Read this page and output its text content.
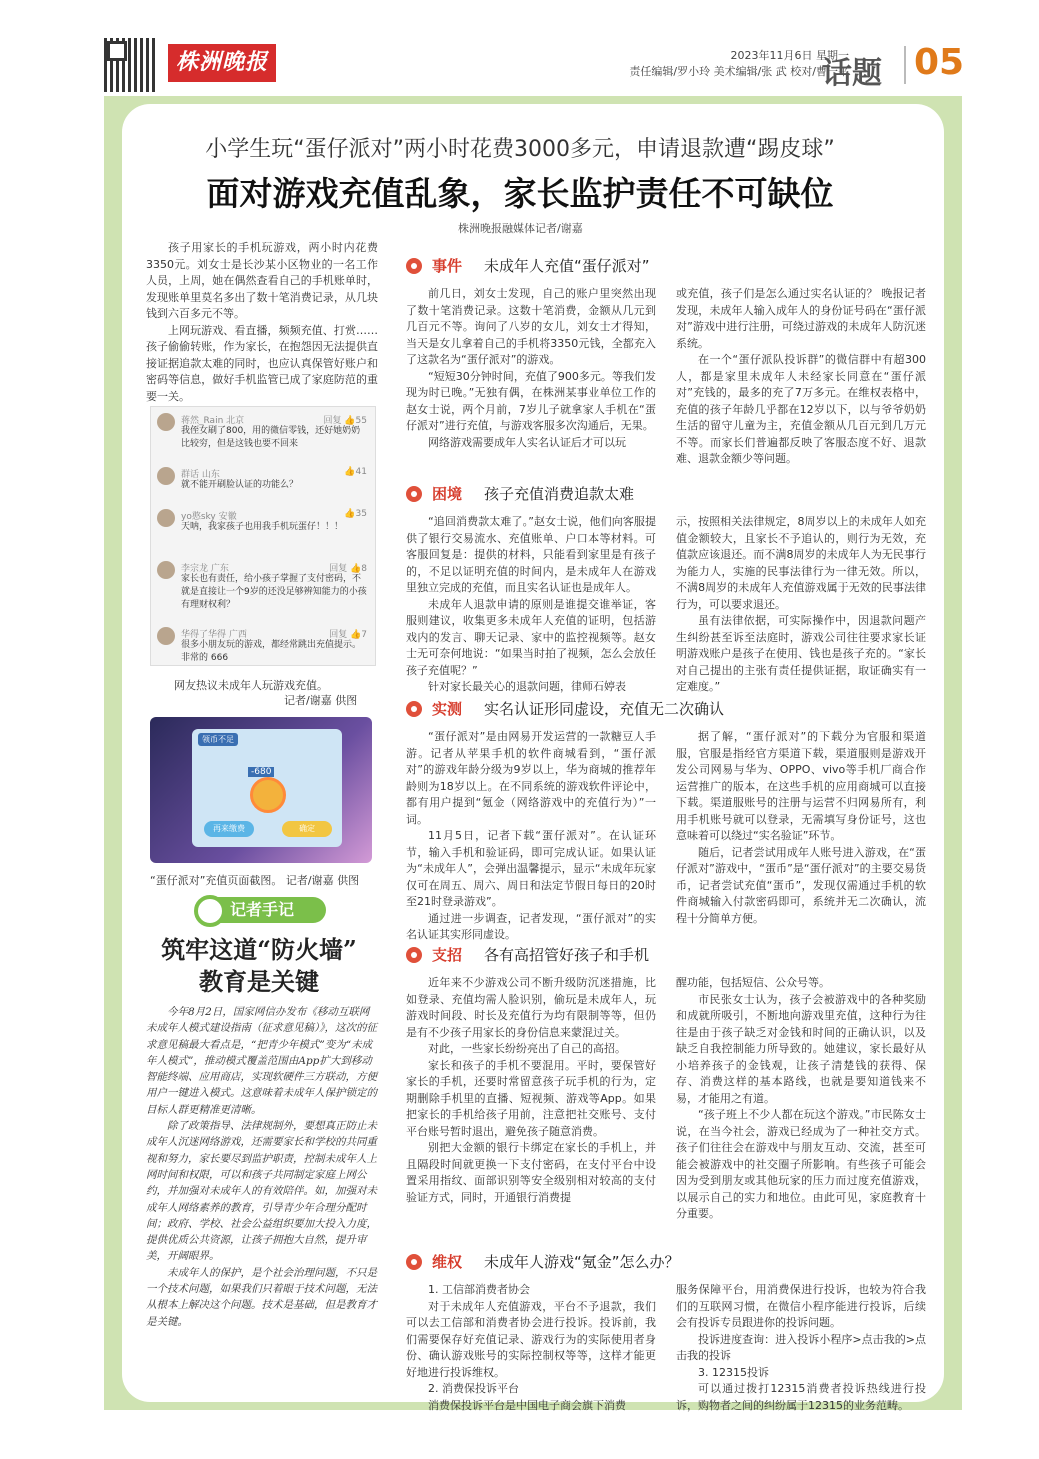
株洲晚报	2023年11月6日 星期一
责任编辑/罗小玲 美术编辑/张 武 校对/曹一平
话题 05
小学生玩“蛋仔派对”两小时花费3000多元，申请退款遭“踢皮球”
面对游戏充值乱象，家长监护责任不可缺位
株洲晚报融媒体记者/谢嘉

孩子用家长的手机玩游戏，两小时内花费3350元。刘女士是长沙某小区物业的一名工作人员，上周，她在偶然查看自己的手机账单时，发现账单里莫名多出了数十笔消费记录，从几块钱到六百多元不等。

上网玩游戏、看直播，频频充值、打赏……孩子偷偷转账，作为家长，在抱怨因无法提供直接证据追款太难的同时，也应认真保管好账户和密码等信息，做好手机监管已成了家庭防范的重要一关。

蒋然_Rain 北京	回复 👍55
我侄女刷了800，用的微信零钱，还好她奶奶比较穷，但是这钱也要不回来
群话 山东	👍41
就不能开刷脸认证的功能么？
yo憨sky 安徽	👍35
天呐，我家孩子也用我手机玩蛋仔！！！
李宗龙 广东	回复 👍8
家长也有责任，给小孩子掌握了支付密码，不就是直接让一个9岁的还没足够辨知能力的小孩有理财权利？
华得了华得 广西	回复 👍7
很多小朋友玩的游戏，都经常跳出充值提示。非常的 666
网友热议未成年人玩游戏充值。
记者/谢嘉 供图
领币不足
-680
再来缴费	确定
“蛋仔派对”充值页面截图。 记者/谢嘉 供图
记者手记
筑牢这道“防火墙”
教育是关键

今年8月2日，国家网信办发布《移动互联网未成年人模式建设指南（征求意见稿）》，这次的征求意见稿最大看点是，“把青少年模式”变为“未成年人模式”，推动模式覆盖范围由App扩大到移动智能终端、应用商店，实现软硬件三方联动，方便用户一键进入模式。这意味着未成年人保护锁定的目标人群更精准更清晰。

除了政策指导、法律规制外，要想真正防止未成年人沉迷网络游戏，还需要家长和学校的共同重视和努力，家长要尽到监护职责，控制未成年人上网时间和权限，可以和孩子共同制定家庭上网公约，并加强对未成年人的有效陪伴。如，加强对未成年人网络素养的教育，引导青少年合理分配时间；政府、学校、社会公益组织要加大投入力度，提供优质公共资源，让孩子拥抱大自然，提升审美，开阔眼界。

未成年人的保护，是个社会治理问题，不只是一个技术问题，如果我们只着眼于技术问题，无法从根本上解决这个问题。技术是基础，但是教育才是关键。

事件 未成年人充值“蛋仔派对”

前几日，刘女士发现，自己的账户里突然出现了数十笔消费记录。这数十笔消费，金额从几元到几百元不等。询问了八岁的女儿，刘女士才得知，当天是女儿拿着自己的手机将3350元钱，全都充入了这款名为“蛋仔派对”的游戏。

“短短30分钟时间，充值了900多元。等我们发现为时已晚。”无独有偶，在株洲某事业单位工作的赵女士说，两个月前，7岁儿子就拿家人手机在“蛋仔派对”进行充值，与游戏客服多次沟通后，无果。

网络游戏需要成年人实名认证后才可以玩

或充值，孩子们是怎么通过实名认证的？ 晚报记者发现，未成年人输入成年人的身份证号码在“蛋仔派对”游戏中进行注册，可绕过游戏的未成年人防沉迷系统。

在一个“蛋仔派队投诉群”的微信群中有超300人，都是家里未成年人未经家长同意在“蛋仔派对”充钱的，最多的充了7万多元。在维权表格中，充值的孩子年龄几乎都在12岁以下，以与爷爷奶奶生活的留守儿童为主，充值金额从几百元到几万元不等。而家长们普遍都反映了客服态度不好、退款难、退款金额少等问题。

困境 孩子充值消费追款太难

“追回消费款太难了。”赵女士说，他们向客服提供了银行交易流水、充值账单、户口本等材料。可客服回复是：提供的材料，只能看到家里是有孩子的，不足以证明充值的时间内，是未成年人在游戏里独立完成的充值，而且实名认证也是成年人。

未成年人退款申请的原则是谁提交谁举证，客服则建议，收集更多未成年人充值的证明，包括游戏内的发言、聊天记录、家中的监控视频等。赵女士无可奈何地说：“如果当时拍了视频，怎么会放任孩子充值呢？”

针对家长最关心的退款问题，律师石婷表

示，按照相关法律规定，8周岁以上的未成年人如充值金额较大，且家长不予追认的，则行为无效，充值款应该退还。而不满8周岁的未成年人为无民事行为能力人，实施的民事法律行为一律无效。所以，不满8周岁的未成年人充值游戏属于无效的民事法律行为，可以要求退还。

虽有法律依据，可实际操作中，因退款问题产生纠纷甚至诉至法庭时，游戏公司往往要求家长证明游戏账户是孩子在使用、钱也是孩子充的。“家长对自己提出的主张有责任提供证据，取证确实有一定难度。”

实测 实名认证形同虚设，充值无二次确认

“蛋仔派对”是由网易开发运营的一款糖豆人手游。记者从苹果手机的软件商城看到，“蛋仔派对”的游戏年龄分级为9岁以上，华为商城的推荐年龄则为18岁以上。在不同系统的游戏软件评论中，都有用户提到“氪金（网络游戏中的充值行为）”一词。

11月5日，记者下载“蛋仔派对”。在认证环节，输入手机和验证码，即可完成认证。如果认证为“未成年人”，会弹出温馨提示，显示“未成年玩家仅可在周五、周六、周日和法定节假日每日的20时至21时登录游戏”。

通过进一步调查，记者发现，“蛋仔派对”的实名认证其实形同虚设。

据了解，“蛋仔派对”的下载分为官服和渠道服，官服是指经官方渠道下载，渠道服则是游戏开发公司网易与华为、OPPO、vivo等手机厂商合作运营推广的版本，在这些手机的应用商城可以直接下载。渠道服账号的注册与运营不归网易所有，利用手机账号就可以登录，无需填写身份证号，这也意味着可以绕过“实名验证”环节。

随后，记者尝试用成年人账号进入游戏，在“蛋仔派对”游戏中，“蛋币”是“蛋仔派对”的主要交易货币，记者尝试充值“蛋币”，发现仅需通过手机的软件商城输入付款密码即可，系统并无二次确认，流程十分简单方便。

支招 各有高招管好孩子和手机

近年来不少游戏公司不断升级防沉迷措施，比如登录、充值均需人脸识别，偷玩是未成年人，玩游戏时间段、时长及充值行为均有限制等等，但仍是有不少孩子用家长的身份信息来蒙混过关。

对此，一些家长纷纷亮出了自己的高招。

家长和孩子的手机不要混用。平时，要保管好家长的手机，还要时常留意孩子玩手机的行为，定期删除手机里的直播、短视频、游戏等App。如果把家长的手机给孩子用前，注意把社交账号、支付平台账号暂时退出，避免孩子随意消费。

别把大金额的银行卡绑定在家长的手机上，并且隔段时间就更换一下支付密码，在支付平台中设置采用指纹、面部识别等安全级别相对较高的支付验证方式，同时，开通银行消费提

醒功能，包括短信、公众号等。

市民张女士认为，孩子会被游戏中的各种奖励和成就所吸引，不断地向游戏里充值，这种行为往往是由于孩子缺乏对金钱和时间的正确认识，以及缺乏自我控制能力所导致的。她建议，家长最好从小培养孩子的金钱观，让孩子清楚钱的获得、保存、消费这样的基本路线，也就是要知道钱来不易，才能用之有道。

“孩子班上不少人都在玩这个游戏。”市民陈女士说，在当今社会，游戏已经成为了一种社交方式。孩子们往往会在游戏中与朋友互动、交流，甚至可能会被游戏中的社交圈子所影响。有些孩子可能会因为受到朋友或其他玩家的压力而过度充值游戏，以展示自己的实力和地位。由此可见，家庭教育十分重要。

维权 未成年人游戏“氪金”怎么办？

1. 工信部消费者协会

对于未成年人充值游戏，平台不予退款，我们可以去工信部和消费者协会进行投诉。投诉前，我们需要保存好充值记录、游戏行为的实际使用者身份、确认游戏账号的实际控制权等等，这样才能更好地进行投诉维权。

2. 消费保投诉平台

消费保投诉平台是中国电子商会旗下消费

服务保障平台，用消费保进行投诉，也较为符合我们的互联网习惯，在微信小程序能进行投诉，后续会有投诉专员跟进你的投诉问题。

投诉进度查询：进入投诉小程序>点击我的>点击我的投诉

3. 12315投诉

可以通过拨打12315消费者投诉热线进行投诉，购物者之间的纠纷属于12315的业务范畴。
